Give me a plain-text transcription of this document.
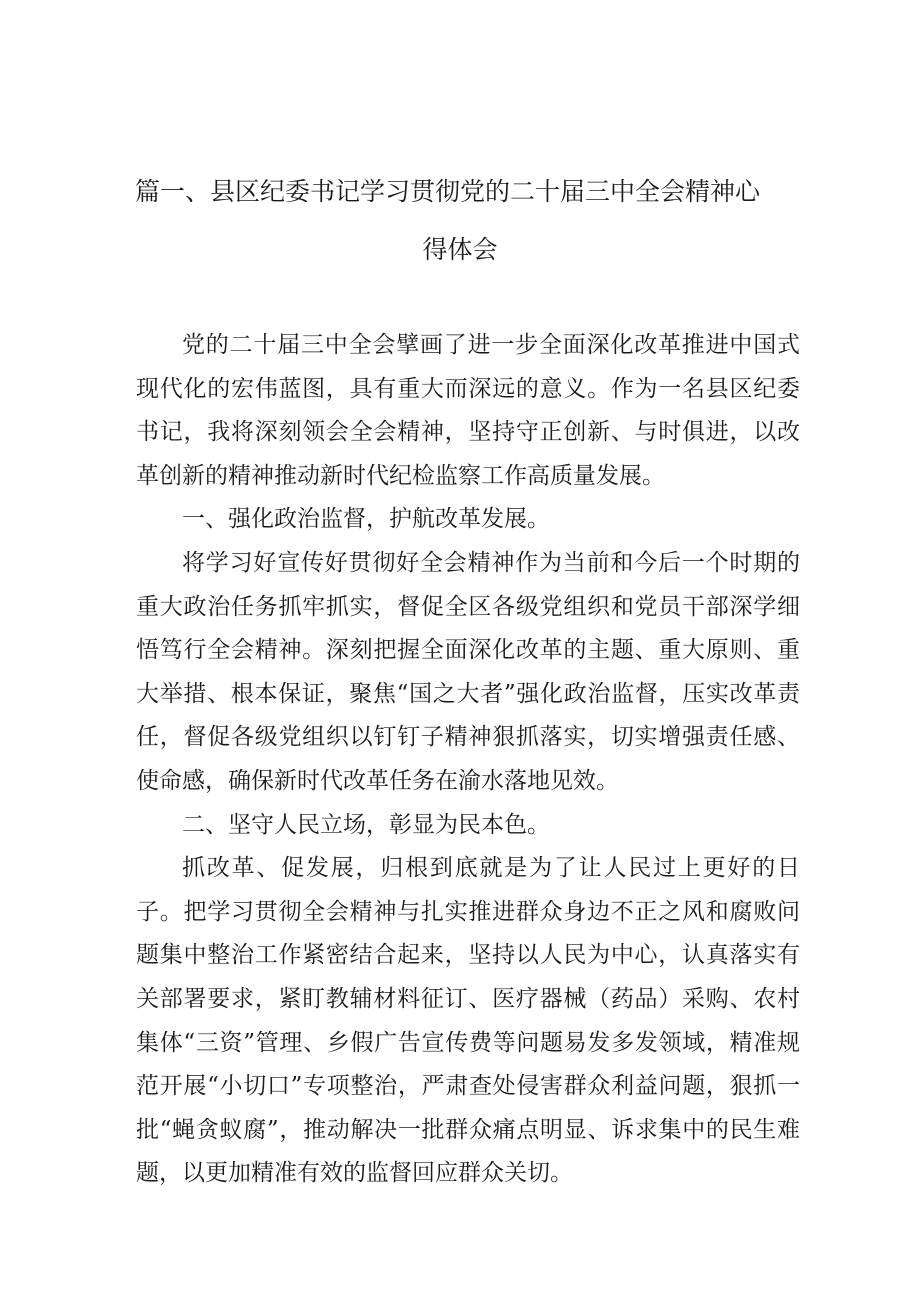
篇一、县区纪委书记学习贯彻党的二十届三中全会精神心
得体会

党的二十届三中全会擘画了进一步全面深化改革推进中国式现代化的宏伟蓝图，具有重大而深远的意义。作为一名县区纪委书记，我将深刻领会全会精神，坚持守正创新、与时俱进，以改革创新的精神推动新时代纪检监察工作高质量发展。

一、强化政治监督，护航改革发展。

将学习好宣传好贯彻好全会精神作为当前和今后一个时期的重大政治任务抓牢抓实，督促全区各级党组织和党员干部深学细悟笃行全会精神。深刻把握全面深化改革的主题、重大原则、重大举措、根本保证，聚焦“国之大者”强化政治监督，压实改革责任，督促各级党组织以钉钉子精神狠抓落实，切实增强责任感、使命感，确保新时代改革任务在渝水落地见效。

二、坚守人民立场，彰显为民本色。

抓改革、促发展，归根到底就是为了让人民过上更好的日子。把学习贯彻全会精神与扎实推进群众身边不正之风和腐败问题集中整治工作紧密结合起来，坚持以人民为中心，认真落实有关部署要求，紧盯教辅材料征订、医疗器械（药品）采购、农村集体“三资”管理、乡假广告宣传费等问题易发多发领域，精准规范开展“小切口”专项整治，严肃查处侵害群众利益问题，狠抓一批“蝇贪蚁腐”，推动解决一批群众痛点明显、诉求集中的民生难题，以更加精准有效的监督回应群众关切。
